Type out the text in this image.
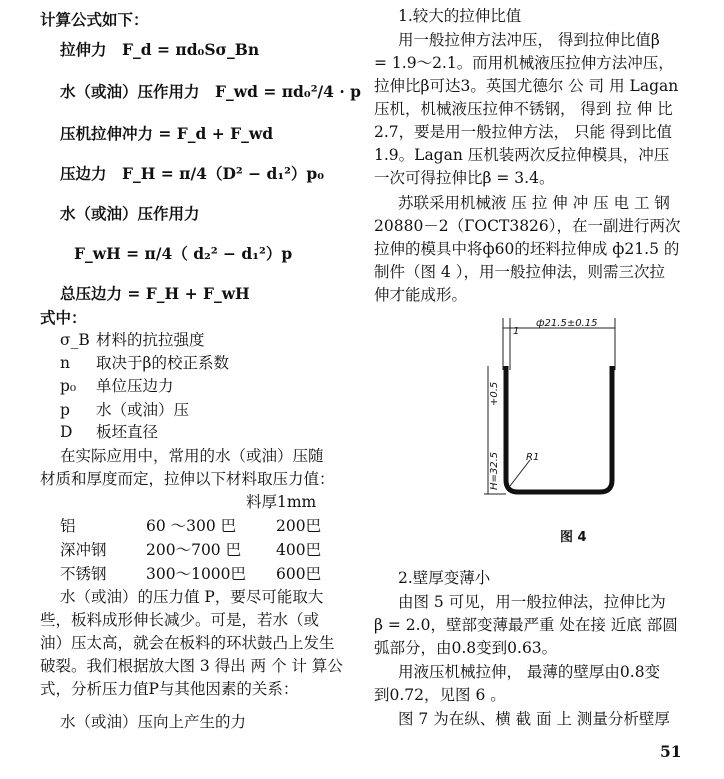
计算公式如下：
拉伸力　F_d = πd₀Sσ_Bn
水（或油）压作用力　F_wd = πd₀²/4 · p
压机拉伸冲力 = F_d + F_wd
压边力　F_H = π/4（D² − d₁²）p₀
水（或油）压作用力
F_wH = π/4（ d₂² − d₁²）p
总压边力 = F_H + F_wH
式中：
σ_B 材料的抗拉强度
n 取决于β的校正系数
p₀ 单位压边力
p 水（或油）压
D 板坯直径
在实际应用中，常用的水（或油）压随
材质和厚度而定，拉伸以下材料取压力值：
料厚1mm
铝	60 ～300 巴	200巴
深冲钢	200～700 巴 400巴
不锈钢	300～1000巴 600巴
水（或油）的压力值 P，要尽可能取大
些，板料成形伸长减少。可是，若水（或
油）压太高，就会在板料的环状鼓凸上发生
破裂。我们根据放大图 3 得出 两 个 计 算公
式，分析压力值P与其他因素的关系：
水（或油）压向上产生的力
1.较大的拉伸比值
用一般拉伸方法冲压， 得到拉伸比值β
= 1.9～2.1。而用机械液压拉伸方法冲压，
拉伸比β可达3。英国尤德尔 公 司 用 Lagan
压机，机械液压拉伸不锈钢， 得到 拉 伸 比
2.7，要是用一般拉伸方法， 只能 得到比值
1.9。Lagan 压机装两次反拉伸模具，冲压
一次可得拉伸比β = 3.4。
苏联采用机械液 压 拉 伸 冲 压 电 工 钢
20880－2（ГОСТ3826），在一副进行两次
拉伸的模具中将ф60的坯料拉伸成 ф21.5 的
制件（图 4 ），用一般拉伸法，则需三次拉
伸才能成形。
ф21.5±0.15
1
H=32.5
+0.5
R1
图 4
2.壁厚变薄小
由图 5 可见，用一般拉伸法，拉伸比为
β = 2.0，壁部变薄最严重 处在接 近底 部圆
弧部分，由0.8变到0.63。
用液压机械拉伸， 最薄的壁厚由0.8变
到0.72，见图 6 。
图 7 为在纵、横 截 面 上 测量分析壁厚
51
